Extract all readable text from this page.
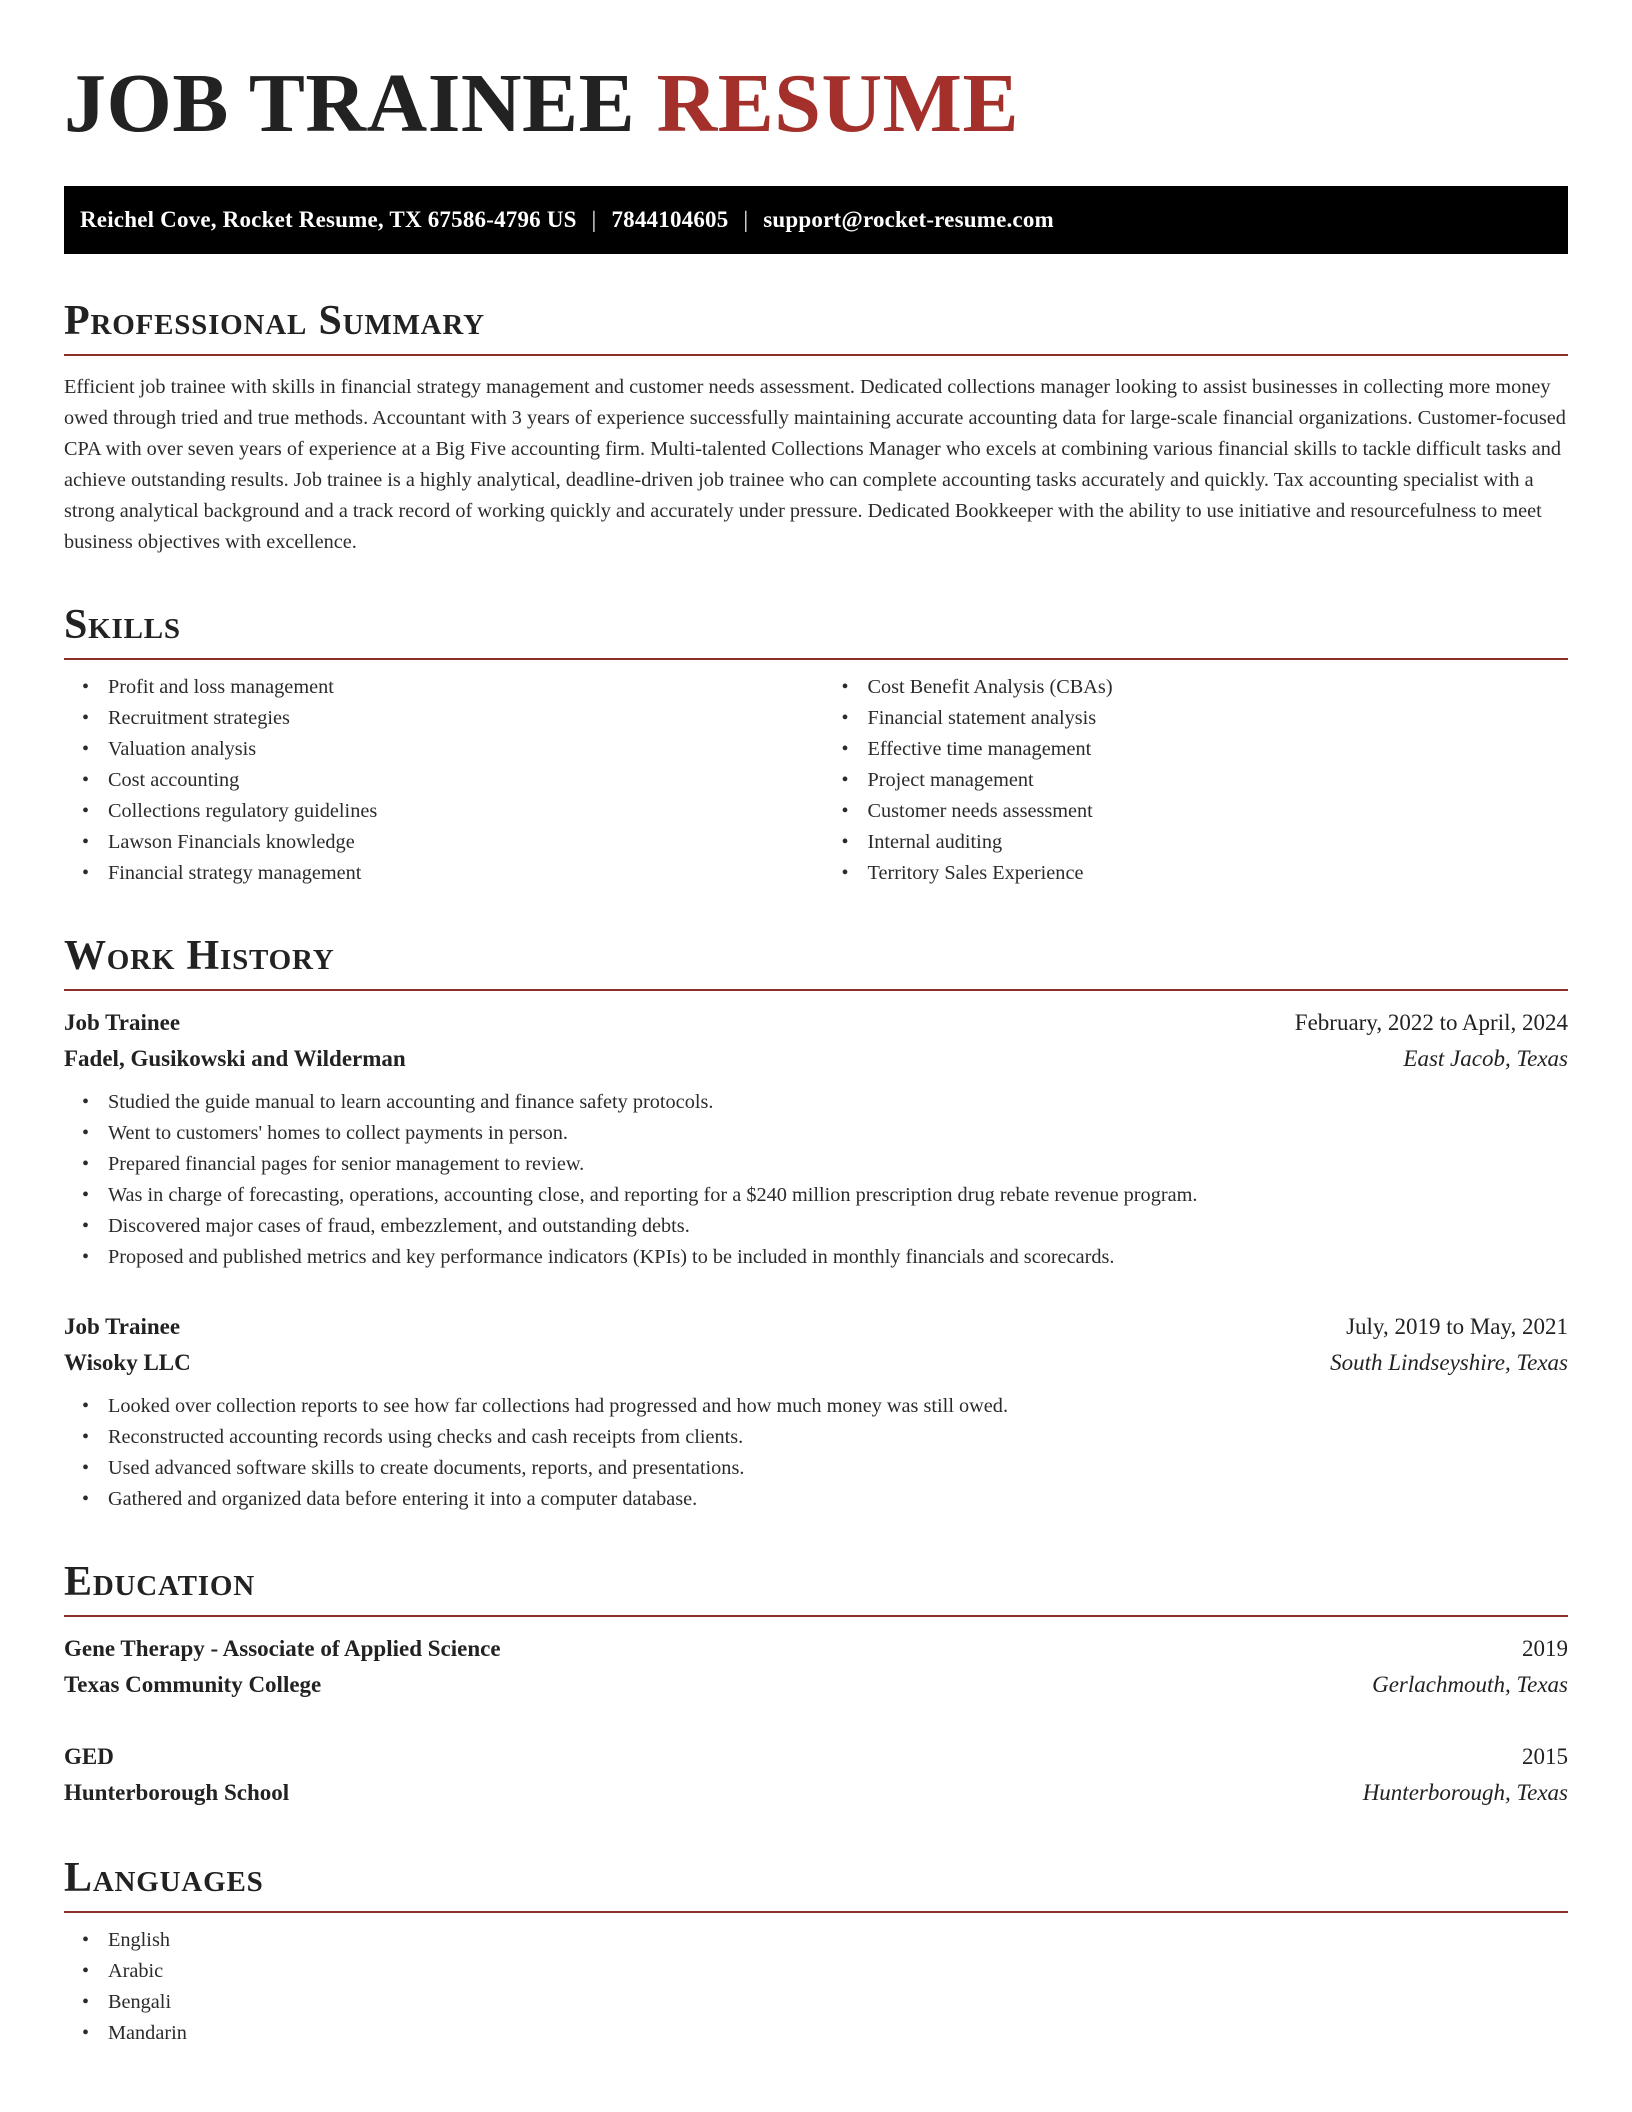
JOB TRAINEE RESUME
Reichel Cove, Rocket Resume, TX 67586-4796 US | 7844104605 | support@rocket-resume.com
Professional Summary

Efficient job trainee with skills in financial strategy management and customer needs assessment. Dedicated collections manager looking to assist businesses in collecting more money owed through tried and true methods. Accountant with 3 years of experience successfully maintaining accurate accounting data for large-scale financial organizations. Customer-focused CPA with over seven years of experience at a Big Five accounting firm. Multi-talented Collections Manager who excels at combining various financial skills to tackle difficult tasks and achieve outstanding results. Job trainee is a highly analytical, deadline-driven job trainee who can complete accounting tasks accurately and quickly. Tax accounting specialist with a strong analytical background and a track record of working quickly and accurately under pressure. Dedicated Bookkeeper with the ability to use initiative and resourcefulness to meet business objectives with excellence.

Skills
• Profit and loss management
• Recruitment strategies
• Valuation analysis
• Cost accounting
• Collections regulatory guidelines
• Lawson Financials knowledge
• Financial strategy management
• Cost Benefit Analysis (CBAs)
• Financial statement analysis
• Effective time management
• Project management
• Customer needs assessment
• Internal auditing
• Territory Sales Experience
Work History
Job Trainee	February, 2022 to April, 2024
Fadel, Gusikowski and Wilderman	East Jacob, Texas
• Studied the guide manual to learn accounting and finance safety protocols.
• Went to customers' homes to collect payments in person.
• Prepared financial pages for senior management to review.
• Was in charge of forecasting, operations, accounting close, and reporting for a $240 million prescription drug rebate revenue program.
• Discovered major cases of fraud, embezzlement, and outstanding debts.
• Proposed and published metrics and key performance indicators (KPIs) to be included in monthly financials and scorecards.
Job Trainee	July, 2019 to May, 2021
Wisoky LLC	South Lindseyshire, Texas
• Looked over collection reports to see how far collections had progressed and how much money was still owed.
• Reconstructed accounting records using checks and cash receipts from clients.
• Used advanced software skills to create documents, reports, and presentations.
• Gathered and organized data before entering it into a computer database.
Education
Gene Therapy - Associate of Applied Science	2019
Texas Community College	Gerlachmouth, Texas
GED	2015
Hunterborough School	Hunterborough, Texas
Languages
• English
• Arabic
• Bengali
• Mandarin
